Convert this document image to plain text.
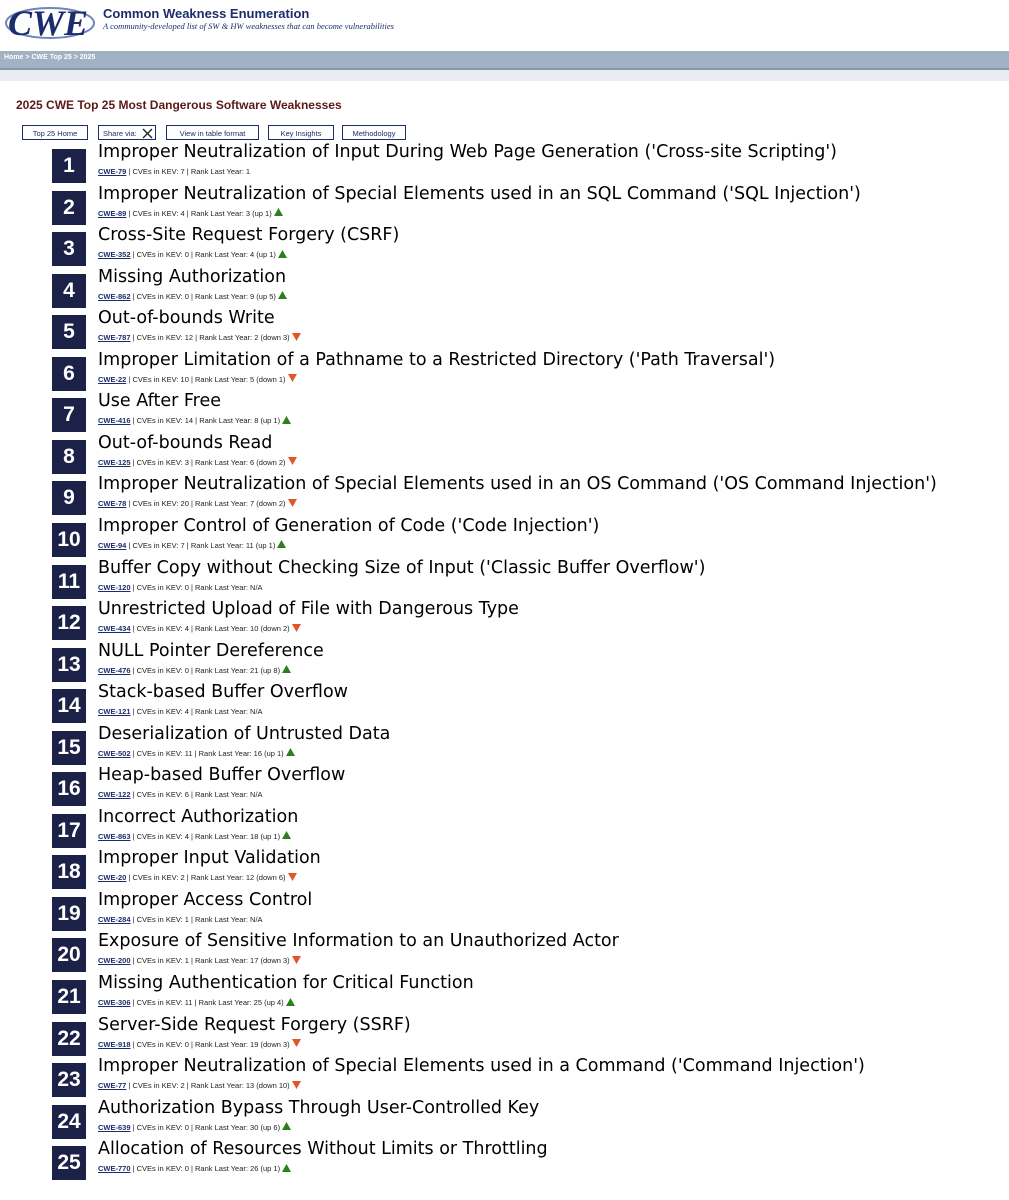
CWE Common Weakness Enumeration
A community-developed list of SW & HW weaknesses that can become vulnerabilities
Home > CWE Top 25 > 2025
2025 CWE Top 25 Most Dangerous Software Weaknesses
Top 25 Home	Share via:	View in table format	Key Insights	Methodology
1
Improper Neutralization of Input During Web Page Generation ('Cross-site Scripting')
CWE-79 | CVEs in KEV: 7 | Rank Last Year: 1
2
Improper Neutralization of Special Elements used in an SQL Command ('SQL Injection')
CWE-89 | CVEs in KEV: 4 | Rank Last Year: 3 (up 1)
3
Cross-Site Request Forgery (CSRF)
CWE-352 | CVEs in KEV: 0 | Rank Last Year: 4 (up 1)
4
Missing Authorization
CWE-862 | CVEs in KEV: 0 | Rank Last Year: 9 (up 5)
5
Out-of-bounds Write
CWE-787 | CVEs in KEV: 12 | Rank Last Year: 2 (down 3)
6
Improper Limitation of a Pathname to a Restricted Directory ('Path Traversal')
CWE-22 | CVEs in KEV: 10 | Rank Last Year: 5 (down 1)
7
Use After Free
CWE-416 | CVEs in KEV: 14 | Rank Last Year: 8 (up 1)
8
Out-of-bounds Read
CWE-125 | CVEs in KEV: 3 | Rank Last Year: 6 (down 2)
9
Improper Neutralization of Special Elements used in an OS Command ('OS Command Injection')
CWE-78 | CVEs in KEV: 20 | Rank Last Year: 7 (down 2)
10
Improper Control of Generation of Code ('Code Injection')
CWE-94 | CVEs in KEV: 7 | Rank Last Year: 11 (up 1)
11
Buffer Copy without Checking Size of Input ('Classic Buffer Overflow')
CWE-120 | CVEs in KEV: 0 | Rank Last Year: N/A
12
Unrestricted Upload of File with Dangerous Type
CWE-434 | CVEs in KEV: 4 | Rank Last Year: 10 (down 2)
13
NULL Pointer Dereference
CWE-476 | CVEs in KEV: 0 | Rank Last Year: 21 (up 8)
14
Stack-based Buffer Overflow
CWE-121 | CVEs in KEV: 4 | Rank Last Year: N/A
15
Deserialization of Untrusted Data
CWE-502 | CVEs in KEV: 11 | Rank Last Year: 16 (up 1)
16
Heap-based Buffer Overflow
CWE-122 | CVEs in KEV: 6 | Rank Last Year: N/A
17
Incorrect Authorization
CWE-863 | CVEs in KEV: 4 | Rank Last Year: 18 (up 1)
18
Improper Input Validation
CWE-20 | CVEs in KEV: 2 | Rank Last Year: 12 (down 6)
19
Improper Access Control
CWE-284 | CVEs in KEV: 1 | Rank Last Year: N/A
20
Exposure of Sensitive Information to an Unauthorized Actor
CWE-200 | CVEs in KEV: 1 | Rank Last Year: 17 (down 3)
21
Missing Authentication for Critical Function
CWE-306 | CVEs in KEV: 11 | Rank Last Year: 25 (up 4)
22
Server-Side Request Forgery (SSRF)
CWE-918 | CVEs in KEV: 0 | Rank Last Year: 19 (down 3)
23
Improper Neutralization of Special Elements used in a Command ('Command Injection')
CWE-77 | CVEs in KEV: 2 | Rank Last Year: 13 (down 10)
24
Authorization Bypass Through User-Controlled Key
CWE-639 | CVEs in KEV: 0 | Rank Last Year: 30 (up 6)
25
Allocation of Resources Without Limits or Throttling
CWE-770 | CVEs in KEV: 0 | Rank Last Year: 26 (up 1)
